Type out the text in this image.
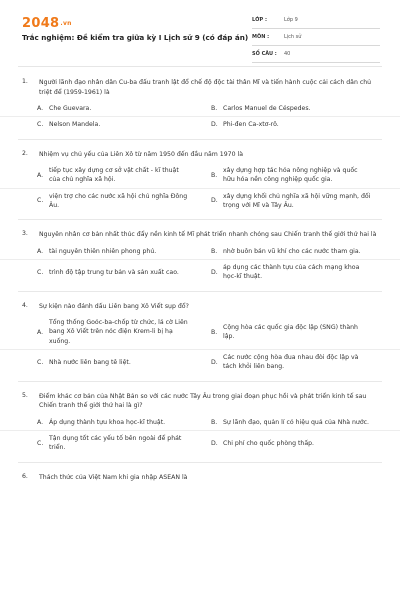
2048.vn
Trắc nghiệm: Đề kiểm tra giữa kỳ I Lịch sử 9 (có đáp án)
LỚP :	Lớp 9
MÔN :	Lịch sử
SỐ CÂU : 40
1. Người lãnh đạo nhân dân Cu-ba đấu tranh lật đổ chế độ độc tài thân Mĩ và tiến hành cuộc cải cách dân chủ triệt để (1959-1961) là
A. Che Guevara.	B. Carlos Manuel de Céspedes.
C. Nelson Mandela.	D. Phi-đen Ca-xtơ-rô.
2. Nhiệm vụ chủ yếu của Liên Xô từ năm 1950 đến đầu năm 1970 là
A.
tiếp tục xây dựng cơ sở vật chất - kĩ thuật của chủ nghĩa xã hội.
B.
xây dựng hợp tác hóa nông nghiệp và quốc hữu hóa nền công nghiệp quốc gia.
C.
viện trợ cho các nước xã hội chủ nghĩa Đông Âu.
D.
xây dựng khối chủ nghĩa xã hội vững mạnh, đối trọng với Mĩ và Tây Âu.
3. Nguyên nhân cơ bản nhất thúc đẩy nền kinh tế Mĩ phát triển nhanh chóng sau Chiến tranh thế giới thứ hai là
A. tài nguyên thiên nhiên phong phú.	B. nhờ buôn bán vũ khí cho các nước tham gia.
C. trình độ tập trung tư bản và sản xuất cao.	D.
áp dụng các thành tựu của cách mạng khoa học-kĩ thuật.
4. Sự kiện nào đánh dấu Liên bang Xô Viết sụp đổ?
A.
Tổng thống Goóc-ba-chốp từ chức, lá cờ Liên bang Xô Viết trên nóc điện Krem-li bị hạ xuống.
B.
Cộng hòa các quốc gia độc lập (SNG) thành lập.
C. Nhà nước liên bang tê liệt.	D.
Các nước cộng hòa đua nhau đòi độc lập và tách khỏi liên bang.
5. Điểm khác cơ bản của Nhật Bản so với các nước Tây Âu trong giai đoạn phục hồi và phát triển kinh tế sau Chiến tranh thế giới thứ hai là gì?
A. Áp dụng thành tựu khoa học-kĩ thuật.	B. Sự lãnh đạo, quản lí có hiệu quả của Nhà nước.
C.
Tận dụng tốt các yếu tố bên ngoài để phát triển.
D. Chi phí cho quốc phòng thấp.
6. Thách thức của Việt Nam khi gia nhập ASEAN là
